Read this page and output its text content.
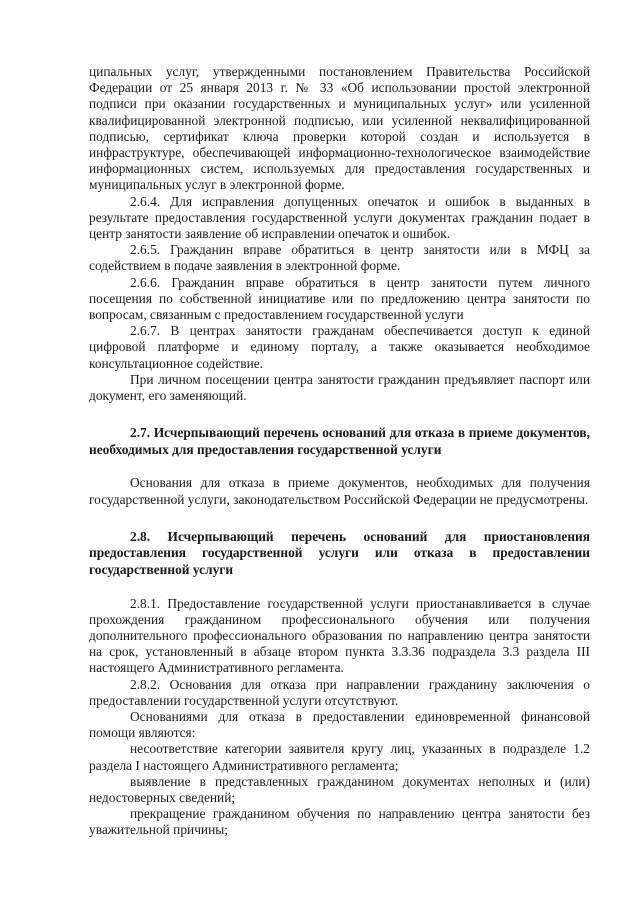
ципальных услуг, утвержденными постановлением Правительства Российской Федерации от 25 января 2013 г. № 33 «Об использовании простой электронной подписи при оказании государственных и муниципальных услуг» или усиленной квалифицированной электронной подписью, или усиленной неквалифицированной подписью, сертификат ключа проверки которой создан и используется в инфраструктуре, обеспечивающей информационно-технологическое взаимодействие информационных систем, используемых для предоставления государственных и муниципальных услуг в электронной форме.

2.6.4. Для исправления допущенных опечаток и ошибок в выданных в результате предоставления государственной услуги документах гражданин подает в центр занятости заявление об исправлении опечаток и ошибок.

2.6.5. Гражданин вправе обратиться в центр занятости или в МФЦ за содействием в подаче заявления в электронной форме.

2.6.6. Гражданин вправе обратиться в центр занятости путем личного посещения по собственной инициативе или по предложению центра занятости по вопросам, связанным с предоставлением государственной услуги

2.6.7. В центрах занятости гражданам обеспечивается доступ к единой цифровой платформе и единому порталу, а также оказывается необходимое консультационное содействие.

При личном посещении центра занятости гражданин предъявляет паспорт или документ, его заменяющий.

2.7. Исчерпывающий перечень оснований для отказа в приеме документов, необходимых для предоставления государственной услуги

Основания для отказа в приеме документов, необходимых для получения государственной услуги, законодательством Российской Федерации не предусмотрены.

2.8. Исчерпывающий перечень оснований для приостановления предоставления государственной услуги или отказа в предоставлении государственной услуги

2.8.1. Предоставление государственной услуги приостанавливается в случае прохождения гражданином профессионального обучения или получения дополнительного профессионального образования по направлению центра занятости на срок, установленный в абзаце втором пункта 3.3.36 подраздела 3.3 раздела III настоящего Административного регламента.

2.8.2. Основания для отказа при направлении гражданину заключения о предоставлении государственной услуги отсутствуют.

Основаниями для отказа в предоставлении единовременной финансовой помощи являются:

несоответствие категории заявителя кругу лиц, указанных в подразделе 1.2 раздела I настоящего Административного регламента;

выявление в представленных гражданином документах неполных и (или) недостоверных сведений;

прекращение гражданином обучения по направлению центра занятости без уважительной причины;
